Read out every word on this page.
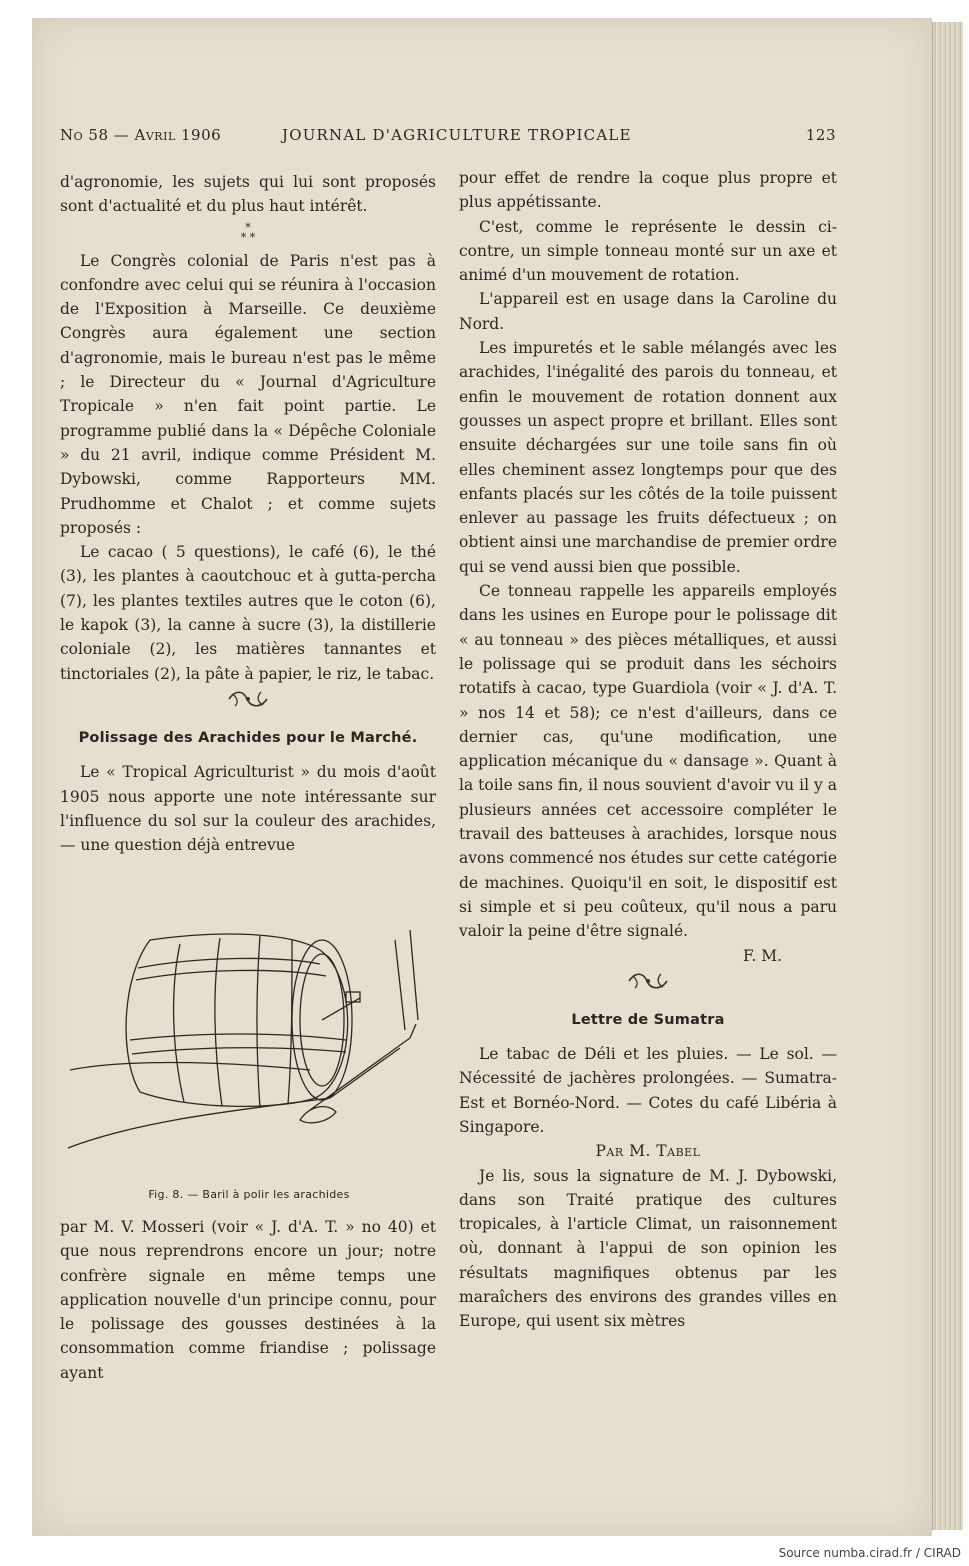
No 58 — Avril 1906	JOURNAL D'AGRICULTURE TROPICALE	123

d'agronomie, les sujets qui lui sont proposés sont d'actualité et du plus haut intérêt.

*
* *

Le Congrès colonial de Paris n'est pas à confondre avec celui qui se réunira à l'occasion de l'Exposition à Marseille. Ce deuxième Congrès aura également une section d'agronomie, mais le bureau n'est pas le même ; le Directeur du « Journal d'Agriculture Tropicale » n'en fait point partie. Le programme publié dans la « Dépêche Coloniale » du 21 avril, indique comme Président M. Dybowski, comme Rapporteurs MM. Prudhomme et Chalot ; et comme sujets proposés :

Le cacao ( 5 questions), le café (6), le thé (3), les plantes à caoutchouc et à gutta-percha (7), les plantes textiles autres que le coton (6), le kapok (3), la canne à sucre (3), la distillerie coloniale (2), les matières tannantes et tinctoriales (2), la pâte à papier, le riz, le tabac.

Polissage des Arachides pour le Marché.

Le « Tropical Agriculturist » du mois d'août 1905 nous apporte une note intéressante sur l'influence du sol sur la couleur des arachides, — une question déjà entrevue

Fig. 8. — Baril à polir les arachides

par M. V. Mosseri (voir « J. d'A. T. » no 40) et que nous reprendrons encore un jour; notre confrère signale en même temps une application nouvelle d'un principe connu, pour le polissage des gousses destinées à la consommation comme friandise ; polissage ayant

pour effet de rendre la coque plus propre et plus appétissante.

C'est, comme le représente le dessin ci-contre, un simple tonneau monté sur un axe et animé d'un mouvement de rotation.

L'appareil est en usage dans la Caroline du Nord.

Les impuretés et le sable mélangés avec les arachides, l'inégalité des parois du tonneau, et enfin le mouvement de rotation donnent aux gousses un aspect propre et brillant. Elles sont ensuite déchargées sur une toile sans fin où elles cheminent assez longtemps pour que des enfants placés sur les côtés de la toile puissent enlever au passage les fruits défectueux ; on obtient ainsi une marchandise de premier ordre qui se vend aussi bien que possible.

Ce tonneau rappelle les appareils employés dans les usines en Europe pour le polissage dit « au tonneau » des pièces métalliques, et aussi le polissage qui se produit dans les séchoirs rotatifs à cacao, type Guardiola (voir « J. d'A. T. » nos 14 et 58); ce n'est d'ailleurs, dans ce dernier cas, qu'une modification, une application mécanique du « dansage ». Quant à la toile sans fin, il nous souvient d'avoir vu il y a plusieurs années cet accessoire compléter le travail des batteuses à arachides, lorsque nous avons commencé nos études sur cette catégorie de machines. Quoiqu'il en soit, le dispositif est si simple et si peu coûteux, qu'il nous a paru valoir la peine d'être signalé.

F. M.
Lettre de Sumatra

Le tabac de Déli et les pluies. — Le sol. — Nécessité de jachères prolongées. — Sumatra-Est et Bornéo-Nord. — Cotes du café Libéria à Singapore.

Par M. Tabel

Je lis, sous la signature de M. J. Dybowski, dans son Traité pratique des cultures tropicales, à l'article Climat, un raisonnement où, donnant à l'appui de son opinion les résultats magnifiques obtenus par les maraîchers des environs des grandes villes en Europe, qui usent six mètres

Source numba.cirad.fr / CIRAD
